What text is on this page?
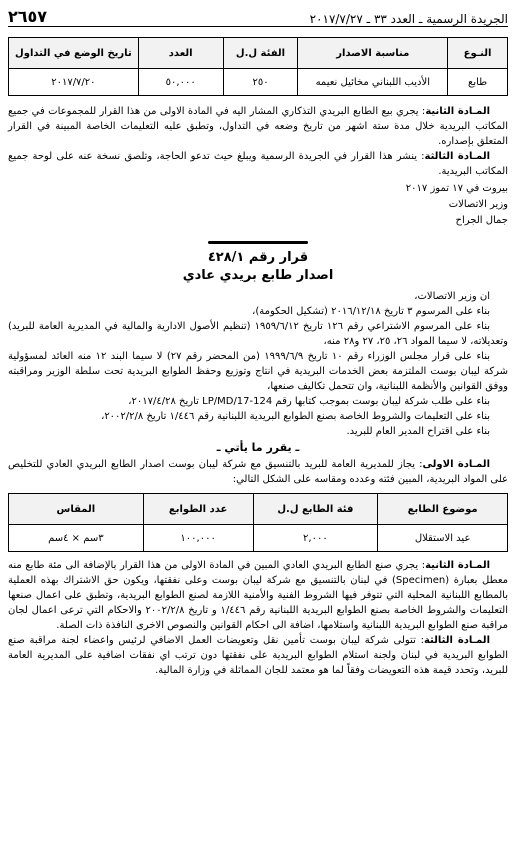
الجريدة الرسمية ـ العدد ٣٣ ـ ٢٠١٧/٧/٢٧
٢٦٥٧
النـوع	مناسبة الاصدار	الفئة ل.ل	العدد	تاريخ الوضع في التداول
طابع	الأديب اللبناني مخائيل نعيمه	٢٥٠	٥٠,٠٠٠	٢٠١٧/٧/٢٠

المـادة الثانية: يجري بيع الطابع البريدي التذكاري المشار اليه في المادة الاولى من هذا القرار للمجموعات في جميع المكاتب البريدية خلال مدة ستة اشهر من تاريخ وضعه في التداول، وتطبق عليه التعليمات الخاصة المبينة في القرار المتعلق بإصداره.

المـادة الثالثة: ينشر هذا القرار في الجريدة الرسمية ويبلغ حيث تدعو الحاجة، وتلصق نسخة عنه على لوحة جميع المكاتب البريدية.

بيروت في ١٧ تموز ٢٠١٧
وزير الاتصالات
جمال الجراح
قرار رقم ٤٢٨/١
اصدار طابع بريدي عادي

ان وزير الاتصالات،

بناء على المرسوم ٣ تاريخ ٢٠١٦/١٢/١٨ (تشكيل الحكومة)،

بناء على المرسوم الاشتراعي رقم ١٢٦ تاريخ ١٩٥٩/٦/١٢ (تنظيم الأصول الادارية والمالية في المديرية العامة للبريد) وتعديلاته، لا سيما المواد ٢٦، ٢٥، ٢٧ و٢٨ منه،

بناء على قرار مجلس الوزراء رقم ١٠ تاريخ ١٩٩٩/٦/٩ (من المحضر رقم ٢٧) لا سيما البند ١٢ منه العائد لمسؤولية شركة ليبان بوست الملتزمة بعض الخدمات البريدية في انتاج وتوزيع وحفظ الطوابع البريدية تحت سلطة الوزير ومراقبته ووفق القوانين والأنظمة اللبنانية، وان تتحمل تكاليف صنعها،

بناء على طلب شركة ليبان بوست بموجب كتابها رقم LP/MD/17-124 تاريخ ٢٠١٧/٤/٢٨،

بناء على التعليمات والشروط الخاصة بصنع الطوابع البريدية اللبنانية رقم ١/٤٤٦ تاريخ ٢٠٠٢/٢/٨،

بناء على اقتراح المدير العام للبريد.

ـ يقرر ما يأتي ـ

المـادة الاولى: يجاز للمديرية العامة للبريد بالتنسيق مع شركة ليبان بوست اصدار الطابع البريدي العادي للتخليص على المواد البريدية، المبين فئته وعدده ومقاسه على الشكل التالي:

موضوع الطابع	فئة الطابع ل.ل	عدد الطوابع	المقاس
عيد الاستقلال	٢,٠٠٠	١٠٠,٠٠٠	٣سم × ٤سم

المـادة الثانية: يجري صنع الطابع البريدي العادي المبين في المادة الاولى من هذا القرار بالإضافة الى مئة طابع منه معطل بعبارة (Specimen) في لبنان بالتنسيق مع شركة ليبان بوست وعلى نفقتها، ويكون حق الاشتراك بهذه العملية بالمطابع اللبنانية المحلية التي تتوفر فيها الشروط الفنية والأمنية اللازمة لصنع الطوابع البريدية، وتطبق على اعمال صنعها التعليمات والشروط الخاصة بصنع الطوابع البريدية اللبنانية رقم ١/٤٤٦ و تاريخ ٢٠٠٢/٢/٨ والاحكام التي ترعى اعمال لجان مراقبة صنع الطوابع البريدية اللبنانية واستلامها، اضافة الى احكام القوانين والنصوص الاخرى النافذة ذات الصلة.

المـادة الثالثة: تتولى شركة ليبان بوست تأمين نقل وتعويضات العمل الاضافي لرئيس واعضاء لجنة مراقبة صنع الطوابع البريدية في لبنان ولجنة استلام الطوابع البريدية على نفقتها دون ترتب اي نفقات اضافية على المديرية العامة للبريد، وتحدد قيمة هذه التعويضات وفقاً لما هو معتمد للجان المماثلة في وزارة المالية.
